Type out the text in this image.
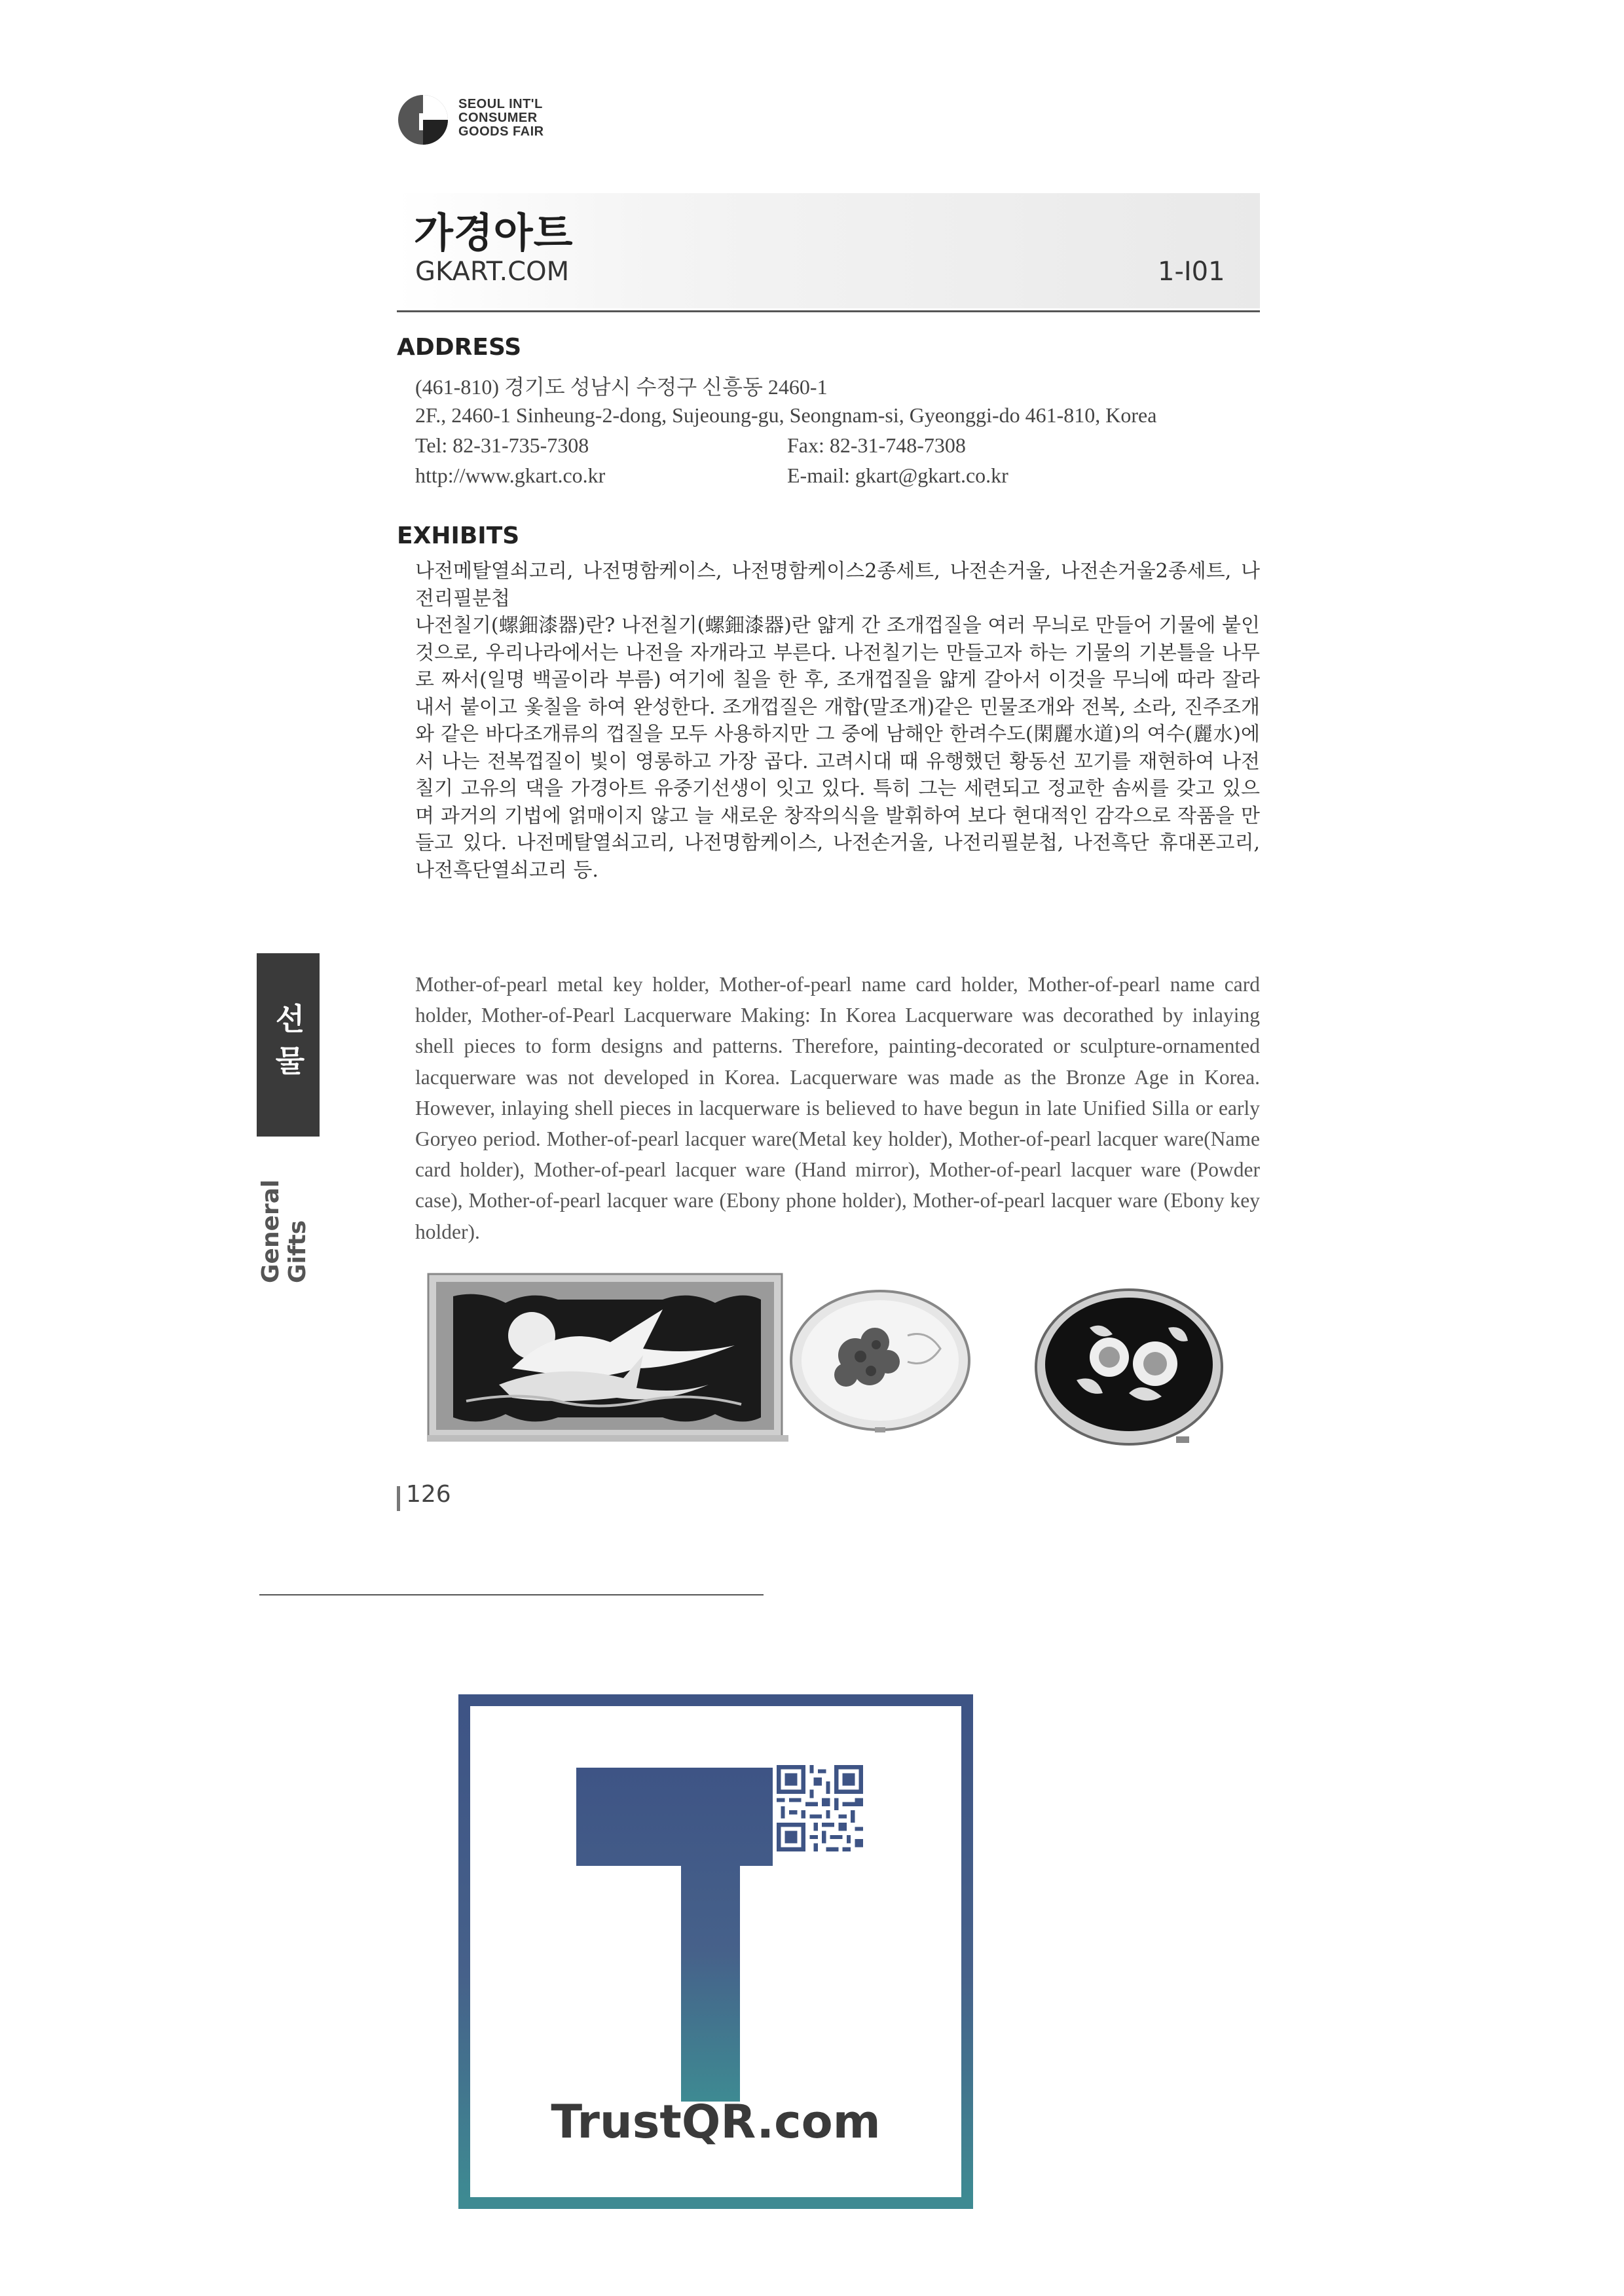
SEOUL INT'L
CONSUMER
GOODS FAIR
가경아트
GKART.COM	1-I01
ADDRESS
(461-810) 경기도 성남시 수정구 신흥동 2460-1
2F., 2460-1 Sinheung-2-dong, Sujeoung-gu, Seongnam-si, Gyeonggi-do 461-810, Korea
Tel: 82-31-735-7308	Fax: 82-31-748-7308
http://www.gkart.co.kr	E-mail: gkart@gkart.co.kr
EXHIBITS

나전메탈열쇠고리, 나전명함케이스, 나전명함케이스2종세트, 나전손거울, 나전손거울2종세트, 나전리필분첩

나전칠기(螺鈿漆器)란? 나전칠기(螺鈿漆器)란 얇게 간 조개껍질을 여러 무늬로 만들어 기물에 붙인 것으로, 우리나라에서는 나전을 자개라고 부른다. 나전칠기는 만들고자 하는 기물의 기본틀을 나무로 짜서(일명 백골이라 부름) 여기에 칠을 한 후, 조개껍질을 얇게 갈아서 이것을 무늬에 따라 잘라내서 붙이고 옻칠을 하여 완성한다. 조개껍질은 개합(말조개)같은 민물조개와 전복, 소라, 진주조개와 같은 바다조개류의 껍질을 모두 사용하지만 그 중에 남해안 한려수도(閑麗水道)의 여수(麗水)에서 나는 전복껍질이 빛이 영롱하고 가장 곱다. 고려시대 때 유행했던 황동선 꼬기를 재현하여 나전칠기 고유의 댁을 가경아트 유중기선생이 잇고 있다. 특히 그는 세련되고 정교한 솜씨를 갖고 있으며 과거의 기법에 얽매이지 않고 늘 새로운 창작의식을 발휘하여 보다 현대적인 감각으로 작품을 만들고 있다. 나전메탈열쇠고리, 나전명함케이스, 나전손거울, 나전리필분첩, 나전흑단 휴대폰고리, 나전흑단열쇠고리 등.

Mother-of-pearl metal key holder, Mother-of-pearl name card holder, Mother-of-pearl name card holder, Mother-of-Pearl Lacquerware Making: In Korea Lacquerware was decorathed by inlaying shell pieces to form designs and patterns. Therefore, painting-decorated or sculpture-ornamented lacquerware was not developed in Korea. Lacquerware was made as the Bronze Age in Korea. However, inlaying shell pieces in lacquerware is believed to have begun in late Unified Silla or early Goryeo period. Mother-of-pearl lacquer ware(Metal key holder), Mother-of-pearl lacquer ware(Name card holder), Mother-of-pearl lacquer ware (Hand mirror), Mother-of-pearl lacquer ware (Powder case), Mother-of-pearl lacquer ware (Ebony phone holder), Mother-of-pearl lacquer ware (Ebony key holder).
선물
General Gifts
126
TrustQR.com
